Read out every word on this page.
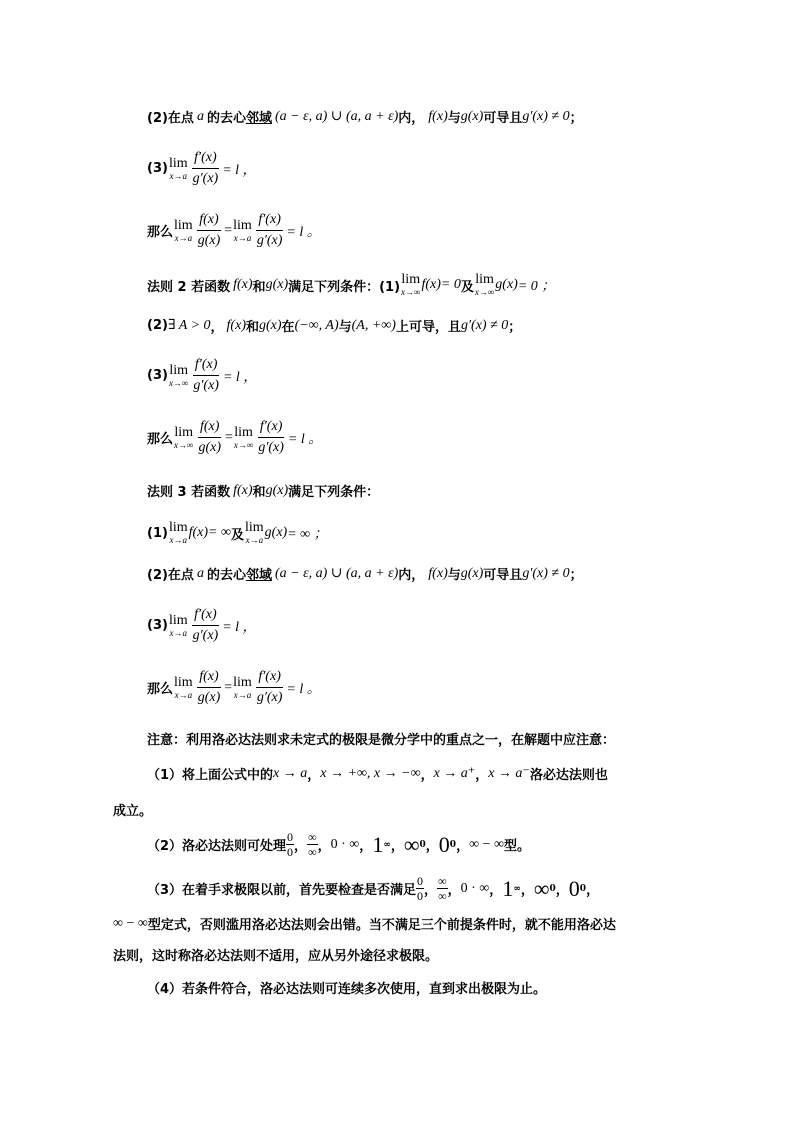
(2)在点 a 的去心 邻域 (a − ε, a) ∪ (a, a + ε) 内， f(x) 与 g(x) 可导且 g′(x) ≠ 0 ；
(3) lim
$x\to a \frac{f'(x)}{g'(x)} = l$ ，
那么 lim
$x\to a \frac{f(x)}{g(x)} = \lim$
$x\to a \frac{f'(x)}{g'(x)} = l$ 。
法则 2 若函数 f(x) 和 g(x) 满足下列条件：(1) lim
x→∞ f(x) = 0 及 lim
x→∞ g(x) = 0 ；
(2) ∃ A > 0 ， f(x) 和 g(x) 在 (−∞, A) 与 (A, +∞) 上可导，且 g′(x) ≠ 0 ；
(3) lim
$x\to\infty \frac{f'(x)}{g'(x)} = l$ ，
那么 lim
$x\to\infty \frac{f(x)}{g(x)} = \lim$
$x\to\infty \frac{f'(x)}{g'(x)} = l$ 。
法则 3 若函数 f(x) 和 g(x) 满足下列条件：
(1) lim
x→a f(x) = ∞ 及 lim
x→a g(x) = ∞ ；
(2)在点 a 的去心 邻域 (a − ε, a) ∪ (a, a + ε) 内， f(x) 与 g(x) 可导且 g′(x) ≠ 0 ；
(3) lim
$x\to a \frac{f'(x)}{g'(x)} = l$ ，
那么 lim
$x\to a \frac{f(x)}{g(x)} = \lim$
$x\to a \frac{f'(x)}{g'(x)} = l$ 。
注意：利用洛必达法则求未定式的极限是微分学中的重点之一，在解题中应注意：
（1）将上面公式中的 x → a ， x → +∞, x → −∞ ， x → a⁺ ， x → a⁻ 洛必达法则也
成立。
（2）洛必达法则可处理 $\frac{0}{0}$ ， $\frac{\infty}{\infty}$ ， 0 · ∞ ， 1 ∞ ， ∞ 0 ， 0 0 ， ∞ − ∞ 型。
（3）在着手求极限以前，首先要检查是否满足 $\frac{0}{0}$ ， $\frac{\infty}{\infty}$ ， 0 · ∞ ， 1 ∞ ， ∞ 0 ， 0 0 ，
∞ − ∞ 型定式，否则滥用洛必达法则会出错。当不满足三个前提条件时，就不能用洛必达
法则，这时称洛必达法则不适用，应从另外途径求极限。
（4）若条件符合，洛必达法则可连续多次使用，直到求出极限为止。
